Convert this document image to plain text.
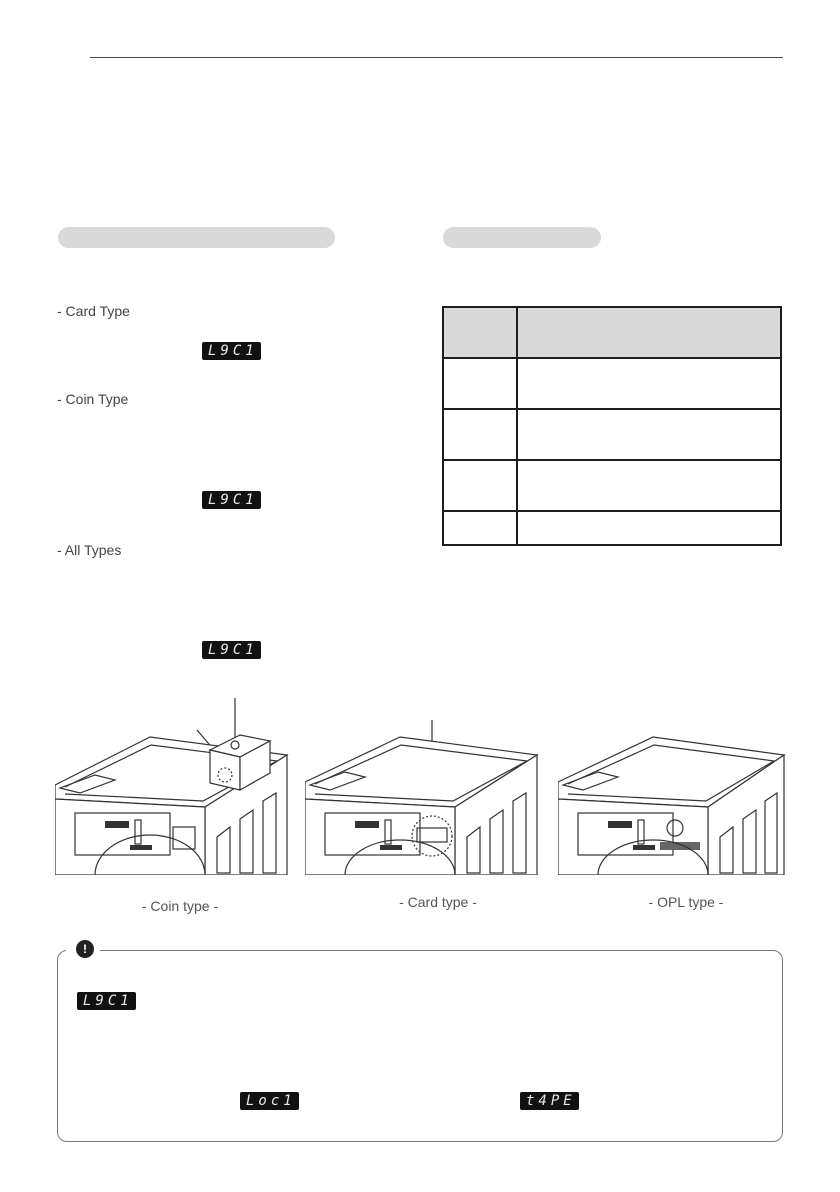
- Card Type
L9C1
- Coin Type
L9C1
- All Types
L9C1

- Coin type -	- Card type -	- OPL type -
!
L9C1
Loc1	t4PE
